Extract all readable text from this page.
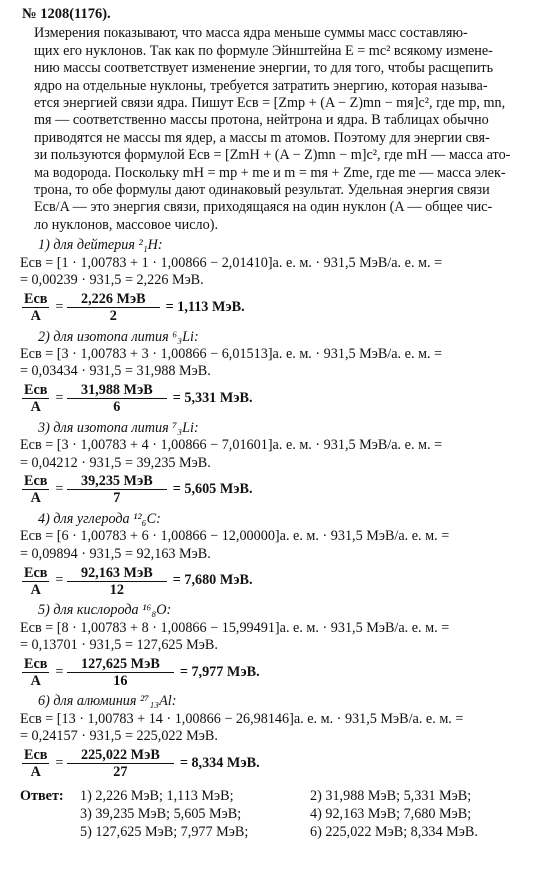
№ 1208(1176).
Измерения показывают, что масса ядра меньше суммы масс составляю-
щих его нуклонов. Так как по формуле Эйнштейна E = mc² всякому измене-
нию массы соответствует изменение энергии, то для того, чтобы расщепить
ядро на отдельные нуклоны, требуется затратить энергию, которая называ-
ется энергией связи ядра. Пишут Eсв = [Zmp + (A − Z)mn − mя]c², где mp, mn,
mя — соответственно массы протона, нейтрона и ядра. В таблицах обычно
приводятся не массы mя ядер, а массы m атомов. Поэтому для энергии свя-
зи пользуются формулой Eсв = [ZmH + (A − Z)mn − m]c², где mH — масса ато-
ма водорода. Поскольку mH = mp + me и m = mя + Zme, где me — масса элек-
трона, то обе формулы дают одинаковый результат. Удельная энергия связи
Eсв/A — это энергия связи, приходящаяся на один нуклон (A — общее чис-
ло нуклонов, массовое число).
1) для дейтерия ²₁H:
Eсв = [1 · 1,00783 + 1 · 1,00866 − 2,01410]а. е. м. · 931,5 МэВ/а. е. м. =
= 0,00239 · 931,5 = 2,226 МэВ.
$\frac{\text{Eсв}}{A} = \frac{\text{2,226 МэВ}}{2} = 1,113$ МэВ.
2) для изотопа лития ⁶₃Li:
Eсв = [3 · 1,00783 + 3 · 1,00866 − 6,01513]а. е. м. · 931,5 МэВ/а. е. м. =
= 0,03434 · 931,5 = 31,988 МэВ.
$\frac{\text{Eсв}}{A} = \frac{\text{31,988 МэВ}}{6} = 5,331$ МэВ.
3) для изотопа лития ⁷₃Li:
Eсв = [3 · 1,00783 + 4 · 1,00866 − 7,01601]а. е. м. · 931,5 МэВ/а. е. м. =
= 0,04212 · 931,5 = 39,235 МэВ.
$\frac{\text{Eсв}}{A} = \frac{\text{39,235 МэВ}}{7} = 5,605$ МэВ.
4) для углерода ¹²₆C:
Eсв = [6 · 1,00783 + 6 · 1,00866 − 12,00000]а. е. м. · 931,5 МэВ/а. е. м. =
= 0,09894 · 931,5 = 92,163 МэВ.
$\frac{\text{Eсв}}{A} = \frac{\text{92,163 МэВ}}{12} = 7,680$ МэВ.
5) для кислорода ¹⁶₈O:
Eсв = [8 · 1,00783 + 8 · 1,00866 − 15,99491]а. е. м. · 931,5 МэВ/а. е. м. =
= 0,13701 · 931,5 = 127,625 МэВ.
$\frac{\text{Eсв}}{A} = \frac{\text{127,625 МэВ}}{16} = 7,977$ МэВ.
6) для алюминия ²⁷₁₃Al:
Eсв = [13 · 1,00783 + 14 · 1,00866 − 26,98146]а. е. м. · 931,5 МэВ/а. е. м. =
= 0,24157 · 931,5 = 225,022 МэВ.
$\frac{\text{Eсв}}{A} = \frac{\text{225,022 МэВ}}{27} = 8,334$ МэВ.
Ответ:	1) 2,226 МэВ; 1,113 МэВ;	2) 31,988 МэВ; 5,331 МэВ;
3) 39,235 МэВ; 5,605 МэВ;	4) 92,163 МэВ; 7,680 МэВ;
5) 127,625 МэВ; 7,977 МэВ;	6) 225,022 МэВ; 8,334 МэВ.
